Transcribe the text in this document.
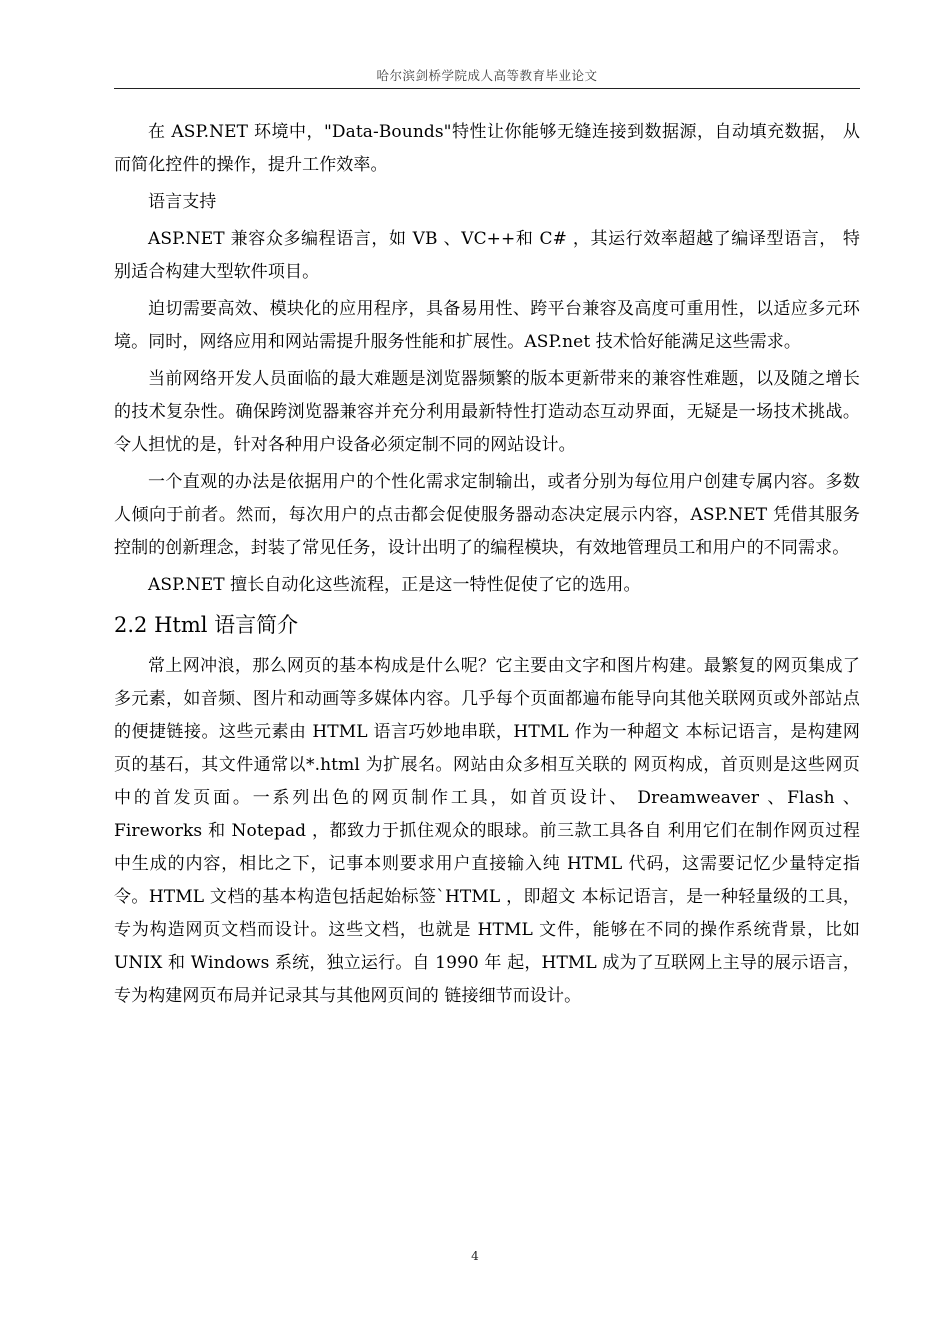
哈尔滨剑桥学院成人高等教育毕业论文

在 ASP.NET 环境中，"Data-Bounds"特性让你能够无缝连接到数据源，自动填充数据， 从而简化控件的操作，提升工作效率。

语言支持

ASP.NET 兼容众多编程语言，如 VB 、VC++和 C# ，其运行效率超越了编译型语言， 特别适合构建大型软件项目。

迫切需要高效、模块化的应用程序，具备易用性、跨平台兼容及高度可重用性，以适应多元环境。同时，网络应用和网站需提升服务性能和扩展性。ASP.net 技术恰好能满足这些需求。

当前网络开发人员面临的最大难题是浏览器频繁的版本更新带来的兼容性难题，以及随之增长的技术复杂性。确保跨浏览器兼容并充分利用最新特性打造动态互动界面，无疑是一场技术挑战。令人担忧的是，针对各种用户设备必须定制不同的网站设计。

一个直观的办法是依据用户的个性化需求定制输出，或者分别为每位用户创建专属内容。多数人倾向于前者。然而，每次用户的点击都会促使服务器动态决定展示内容，ASP.NET 凭借其服务控制的创新理念，封装了常见任务，设计出明了的编程模块，有效地管理员工和用户的不同需求。

ASP.NET 擅长自动化这些流程，正是这一特性促使了它的选用。

2.2 Html 语言简介

常上网冲浪，那么网页的基本构成是什么呢？它主要由文字和图片构建。最繁复的网页集成了多元素，如音频、图片和动画等多媒体内容。几乎每个页面都遍布能导向其他关联网页或外部站点的便捷链接。这些元素由 HTML 语言巧妙地串联，HTML 作为一种超文 本标记语言，是构建网页的基石，其文件通常以*.html 为扩展名。网站由众多相互关联的 网页构成，首页则是这些网页中的首发页面。一系列出色的网页制作工具，如首页设计、 Dreamweaver 、Flash 、Fireworks 和 Notepad ，都致力于抓住观众的眼球。前三款工具各自 利用它们在制作网页过程中生成的内容，相比之下，记事本则要求用户直接输入纯 HTML 代码，这需要记忆少量特定指令。HTML 文档的基本构造包括起始标签`HTML ，即超文 本标记语言，是一种轻量级的工具，专为构造网页文档而设计。这些文档，也就是 HTML 文件，能够在不同的操作系统背景，比如 UNIX 和 Windows 系统，独立运行。自 1990 年 起，HTML 成为了互联网上主导的展示语言，专为构建网页布局并记录其与其他网页间的 链接细节而设计。

4
